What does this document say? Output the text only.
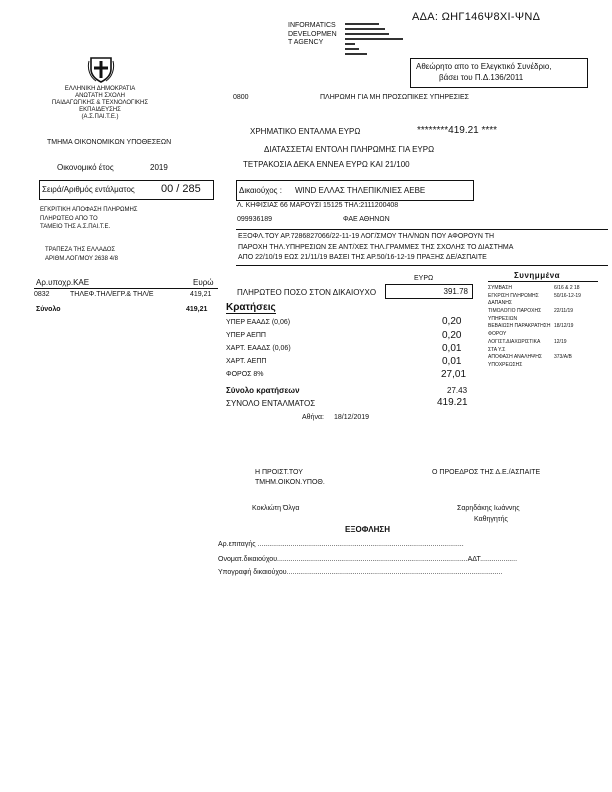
ΑΔΑ: ΩΗΓ146Ψ8ΧΙ-ΨΝΔ
INFORMATICS
DEVELOPMEN
T AGENCY
Αθεώρητο απο το Ελεγκτικό Συνέδριο,
βάσει του Π.Δ.136/2011
ΕΛΛΗΝΙΚΗ ΔΗΜΟΚΡΑΤΙΑ
ΑΝΩΤΑΤΗ ΣΧΟΛΗ
ΠΑΙΔΑΓΩΓΙΚΗΣ & ΤΕΧΝΟΛΟΓΙΚΗΣ
ΕΚΠΑΙΔΕΥΣΗΣ
(Α.Σ.ΠΑΙ.Τ.Ε.)
0800	ΠΛΗΡΩΜΗ ΓΙΑ ΜΗ ΠΡΟΣΩΠΙΚΕΣ ΥΠΗΡΕΣΙΕΣ
ΤΜΗΜΑ ΟΙΚΟΝΟΜΙΚΩΝ ΥΠΟΘΕΣΕΩΝ
ΧΡΗΜΑΤΙΚΟ ΕΝΤΑΛΜΑ ΕΥΡΩ	********419.21 ****
ΔΙΑΤΑΣΣΕΤΑΙ ΕΝΤΟΛΗ ΠΛΗΡΩΜΗΣ ΓΙΑ ΕΥΡΩ
Οικονομικό έτος	2019	ΤΕΤΡΑΚΟΣΙΑ ΔΕΚΑ ΕΝΝΕΑ ΕΥΡΩ ΚΑΙ 21/100
Σειρά/Αριθμός εντάλματος 00 / 285	Δικαιούχος : WIND ΕΛΛΑΣ ΤΗΛΕΠΙΚ/ΝΙΕΣ ΑΕΒΕ
Λ. ΚΗΦΙΣΙΑΣ 66 ΜΑΡΟΥΣΙ 15125 ΤΗΛ:2111200408
099936189	ΦΑΕ ΑΘΗΝΩΝ
ΕΓΚΡΙΤΙΚΗ ΑΠΟΦΑΣΗ ΠΛΗΡΩΜΗΣ
ΠΛΗΡΩΤΕΟ ΑΠΟ ΤΟ
ΤΑΜΕΙΟ ΤΗΣ Α.Σ.ΠΑΙ.Τ.Ε.
ΤΡΑΠΕΖΑ ΤΗΣ ΕΛΛΑΔΟΣ
ΑΡΙΘΜ.ΛΟΓ/ΜΟΥ 2638 4/8
ΕΞΟΦΛ.ΤΟΥ ΑΡ.7286827066/22-11-19 ΛΟΓ/ΣΜΟΥ ΤΗΛ/ΝΩΝ ΠΟΥ ΑΦΟΡΟΥΝ ΤΗ
ΠΑΡΟΧΗ ΤΗΛ.ΥΠΗΡΕΣΙΩΝ ΣΕ ΑΝΤ/ΧΕΣ ΤΗΛ.ΓΡΑΜΜΕΣ ΤΗΣ ΣΧΟΛΗΣ ΤΟ ΔΙΑΣΤΗΜΑ
ΑΠΟ 22/10/19 ΕΩΣ 21/11/19 ΒΑΣΕΙ ΤΗΣ ΑΡ.50/16-12-19 ΠΡΑΞΗΣ ΔΕ/ΑΣΠΑΙΤΕ
Αρ.υποχρ.ΚΑΕ	Ευρώ
0832	ΤΗΛΕΦ.ΤΗΛ/ΕΓΡ.& ΤΗΛ/Ε	419,21
Σύνολο	419,21
ΕΥΡΩ
ΠΛΗΡΩΤΕΟ ΠΟΣΟ ΣΤΟΝ ΔΙΚΑΙΟΥΧΟ	391.78
Συνημμένα
ΣΥΜΒΑΣΗ	6/16 & 2 18
ΕΓΚΡΙΣΗ ΠΛΗΡΩΜΗΣ	50/16-12-19
ΔΑΠΑΝΗΣ
ΤΙΜΟΛΟΓΙΟ ΠΑΡΟΧΗΣ	22/11/19
ΥΠΗΡΕΣΙΩΝ
ΒΕΒΑΙΩΣΗ ΠΑΡΑΚΡΑΤΗΣΗ 18/12/19
ΦΟΡΟΥ
ΛΟΓΙΣΤ.ΔΙΑΧΩΡΙΣΤΙΚΑ	12/19
ΣΤΑ Υ.Σ
ΑΠΟΦΑΣΗ ΑΝΑΛΗΨΗΣ 373/Α/Β
ΥΠΟΧΡΕΩΣΗΣ
Κρατήσεις
ΥΠΕΡ ΕΑΑΔΣ (0,06)	0,20
ΥΠΕΡ ΑΕΠΠ	0,20
ΧΑΡΤ. ΕΑΑΔΣ (0,06)	0,01
ΧΑΡΤ. ΑΕΠΠ	0,01
ΦΟΡΟΣ 8%	27,01
Σύνολο κρατήσεων	27.43
ΣΥΝΟΛΟ ΕΝΤΑΛΜΑΤΟΣ	419.21
Αθήνα: 18/12/2019
Η ΠΡΟΙΣΤ.ΤΟΥ
ΤΜΗΜ.ΟΙΚΟΝ.ΥΠΟΘ.
Κοκλιώτη Όλγα
Ο ΠΡΟΕΔΡΟΣ ΤΗΣ Δ.Ε./ΑΣΠΑΙΤΕ
Σαρηδάκης Ιωάννης
Καθηγητής
ΕΞΟΦΛΗΣΗ
Αρ.επιταγής ..........................................................................................................
Ονοματ.δικαιούχου..................................................................................................ΑΔΤ...................
Υπογραφή δικαιούχου...............................................................................................................
